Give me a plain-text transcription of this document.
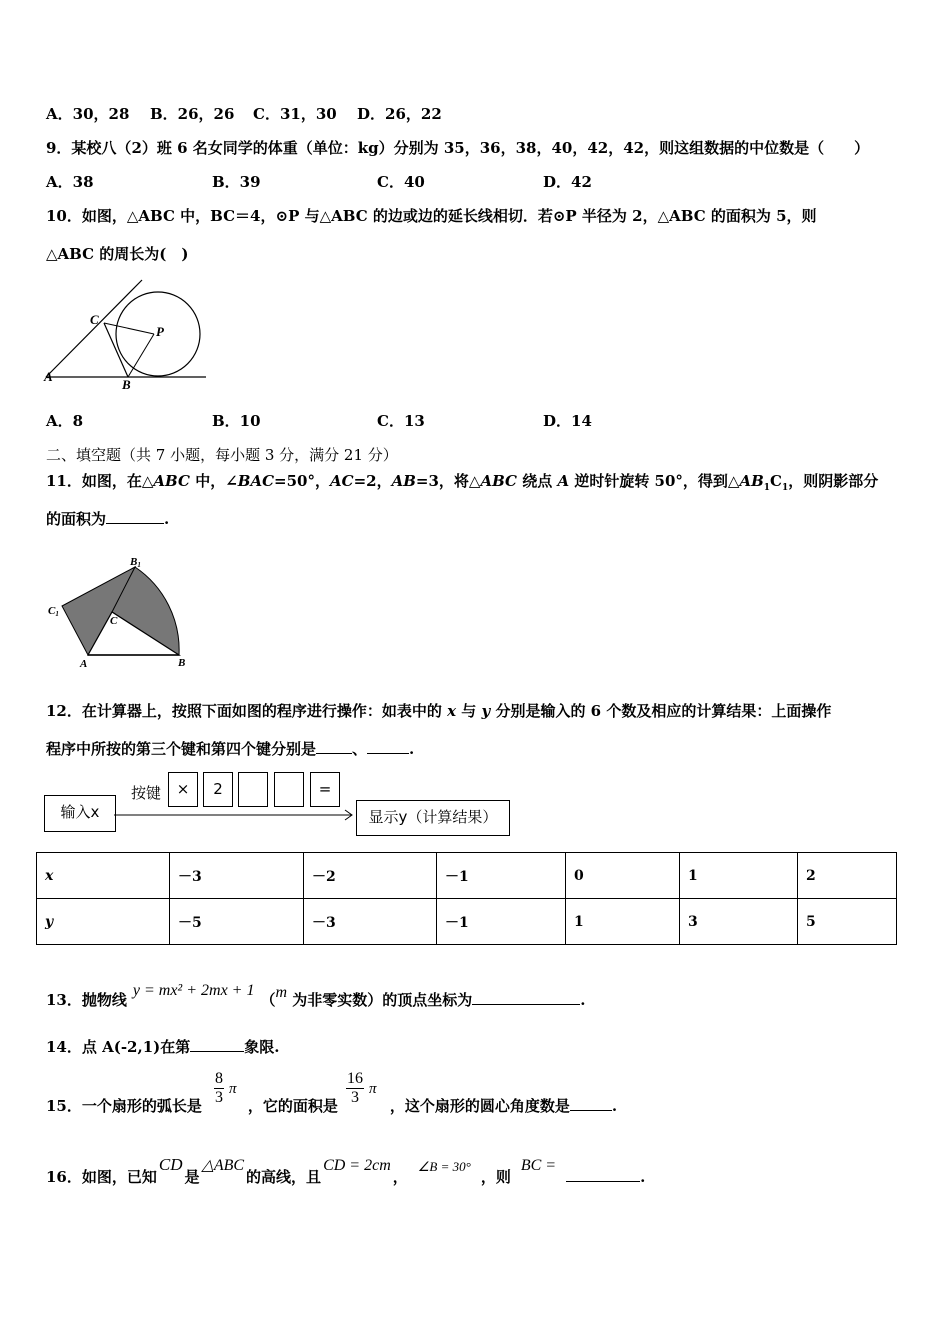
A．30，28 B．26，26 C．31，30 D．26，22
9．某校八（2）班 6 名女同学的体重（单位：kg）分别为 35，36，38，40，42，42，则这组数据的中位数是（　　）
A．38	B．39	C．40	D．42
10．如图，△ABC 中，BC＝4，⊙P 与△ABC 的边或边的延长线相切．若⊙P 半径为 2，△ABC 的面积为 5，则
△ABC 的周长为(　)
C
P
A
B
A．8	B．10	C．13	D．14
二、填空题（共 7 小题，每小题 3 分，满分 21 分）
11．如图，在△ABC 中，∠BAC=50°，AC=2，AB=3，将△ABC 绕点 A 逆时针旋转 50°，得到$\triangle AB_1C_1$，则阴影部分
的面积为	.
B1
C1
C
A	B
12．在计算器上，按照下面如图的程序进行操作：如表中的 x 与 y 分别是输入的 6 个数及相应的计算结果：上面操作
程序中所按的第三个键和第四个键分别是 、	.
输入x
按键	×	2	=
显示y（计算结果）
x	－3	－2	－1	0	1	2
y	－5	－3	－1	1	3	5
13．抛物线y = mx² + 2mx + 1（m 为非零实数）的顶点坐标为	.
14．点 A(-2,1)在第	象限.
15．一个扇形的弧长是	，它的面积是	，这个扇形的圆心角度数是	.
$\frac{8}{3}$ π	$\frac{16}{3}$ π
16．如图，已知CD是△ABC的高线，且CD = 2cm，∠B = 30°，则BC =.
